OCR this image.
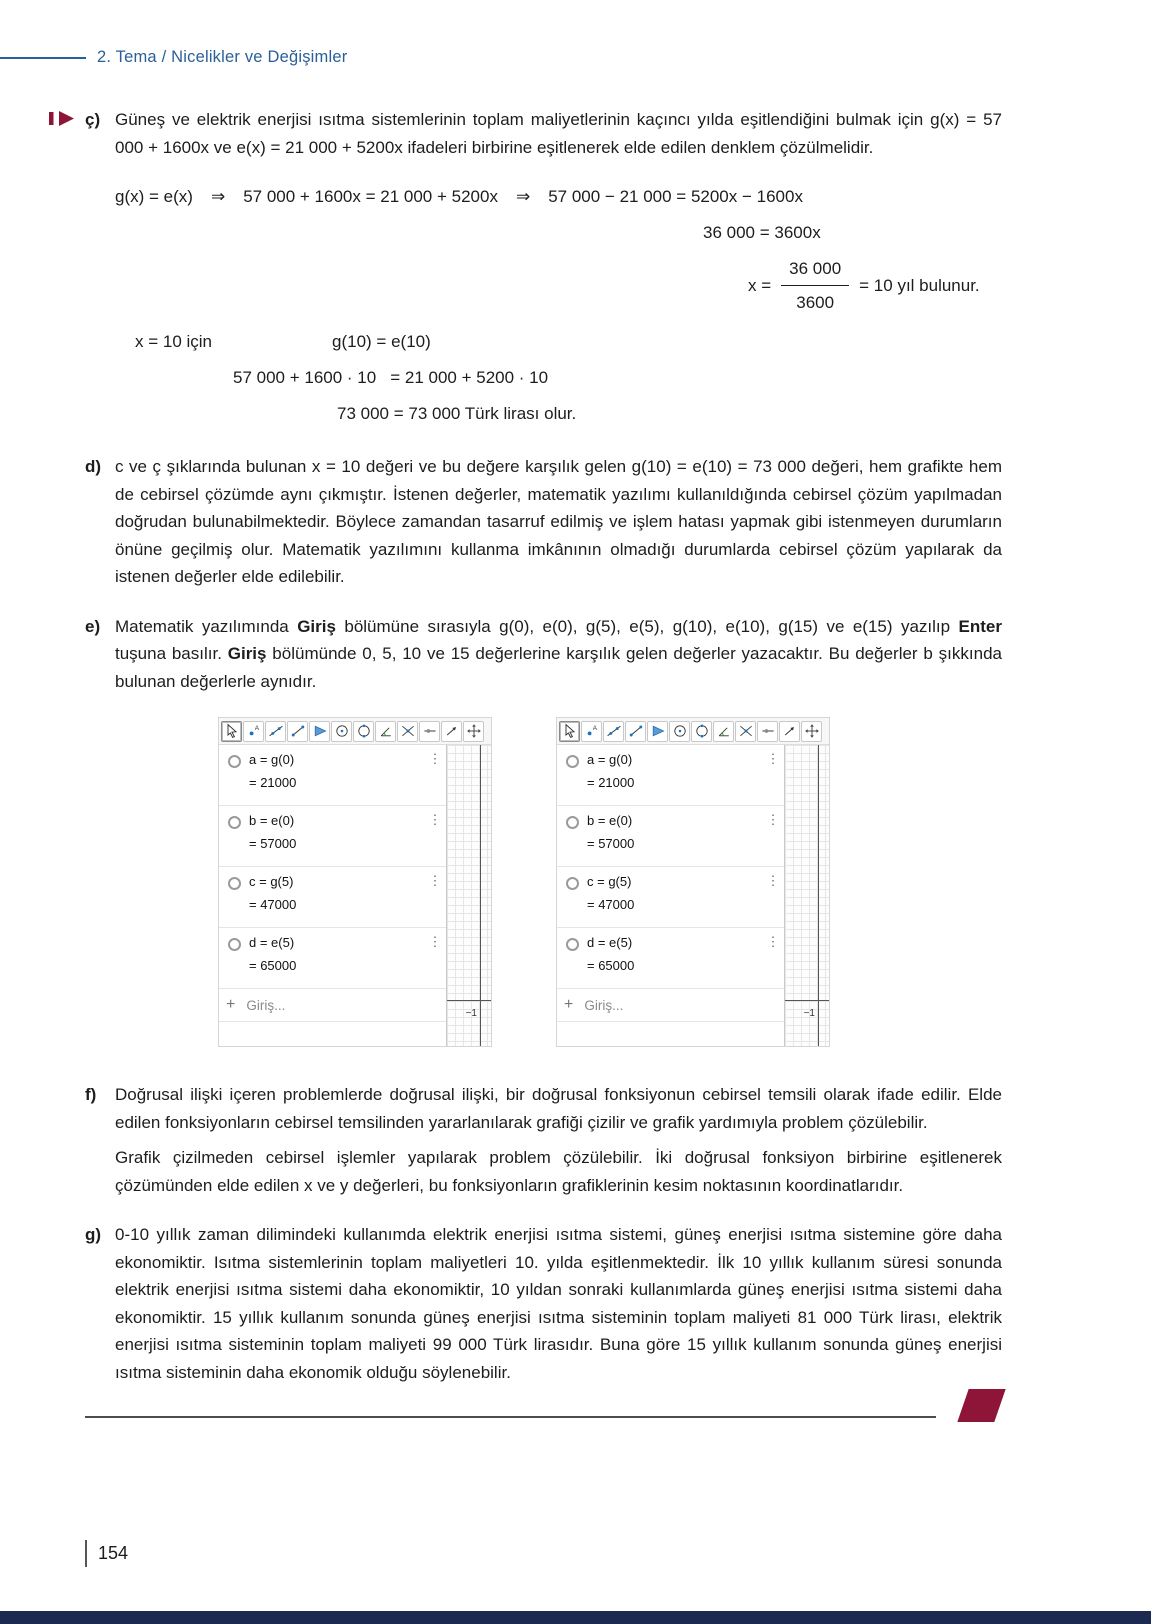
2. Tema / Nicelikler ve Değişimler
ç) Güneş ve elektrik enerjisi ısıtma sistemlerinin toplam maliyetlerinin kaçıncı yılda eşitlendiğini bulmak için g(x) = 57 000 + 1600x ve e(x) = 21 000 + 5200x ifadeleri birbirine eşitlenerek elde edilen denklem çözülmelidir.
g(x) = e(x) ⇒ 57 000 + 1600x = 21 000 + 5200x ⇒ 57 000 − 21 000 = 5200x − 1600x
36 000 = 3600x
$x = \frac{36 000}{3600} = 10$ yıl bulunur.
x = 10 için	g(10) = e(10)
57 000 + 1600 · 10 = 21 000 + 5200 · 10
73 000 = 73 000 Türk lirası olur.
d) c ve ç şıklarında bulunan x = 10 değeri ve bu değere karşılık gelen g(10) = e(10) = 73 000 değeri, hem grafikte hem de cebirsel çözümde aynı çıkmıştır. İstenen değerler, matematik yazılımı kullanıldığında cebirsel çözüm yapılmadan doğrudan bulunabilmektedir. Böylece zamandan tasarruf edilmiş ve işlem hatası yapmak gibi istenmeyen durumların önüne geçilmiş olur. Matematik yazılımını kullanma imkânının olmadığı durumlarda cebirsel çözüm yapılarak da istenen değerler elde edilebilir.
e) Matematik yazılımında Giriş bölümüne sırasıyla g(0), e(0), g(5), e(5), g(10), e(10), g(15) ve e(15) yazılıp Enter tuşuna basılır. Giriş bölümünde 0, 5, 10 ve 15 değerlerine karşılık gelen değerler yazacaktır. Bu değerler b şıkkında bulunan değerlerle aynıdır.
A
a = g(0)
= 21000
⋮
b = e(0)
= 57000
⋮
c = g(5)
= 47000
⋮
d = e(5)
= 65000
⋮
+ Giriş...
−1
A
a = g(0)
= 21000
⋮
b = e(0)
= 57000
⋮
c = g(5)
= 47000
⋮
d = e(5)
= 65000
⋮
+ Giriş...
−1
f)	Doğrusal ilişki içeren problemlerde doğrusal ilişki, bir doğrusal fonksiyonun cebirsel temsili olarak ifade edilir. Elde edilen fonksiyonların cebirsel temsilinden yararlanılarak grafiği çizilir ve grafik yardımıyla problem çözülebilir.

Grafik çizilmeden cebirsel işlemler yapılarak problem çözülebilir. İki doğrusal fonksiyon birbirine eşitlenerek çözümünden elde edilen x ve y değerleri, bu fonksiyonların grafiklerinin kesim noktasının koordinatlarıdır.

g) 0-10 yıllık zaman dilimindeki kullanımda elektrik enerjisi ısıtma sistemi, güneş enerjisi ısıtma sistemine göre daha ekonomiktir. Isıtma sistemlerinin toplam maliyetleri 10. yılda eşitlenmektedir. İlk 10 yıllık kullanım süresi sonunda elektrik enerjisi ısıtma sistemi daha ekonomiktir, 10 yıldan sonraki kullanımlarda güneş enerjisi ısıtma sistemi daha ekonomiktir. 15 yıllık kullanım sonunda güneş enerjisi ısıtma sisteminin toplam maliyeti 81 000 Türk lirası, elektrik enerjisi ısıtma sisteminin toplam maliyeti 99 000 Türk lirasıdır. Buna göre 15 yıllık kullanım sonunda güneş enerjisi ısıtma sisteminin daha ekonomik olduğu söylenebilir.
154
